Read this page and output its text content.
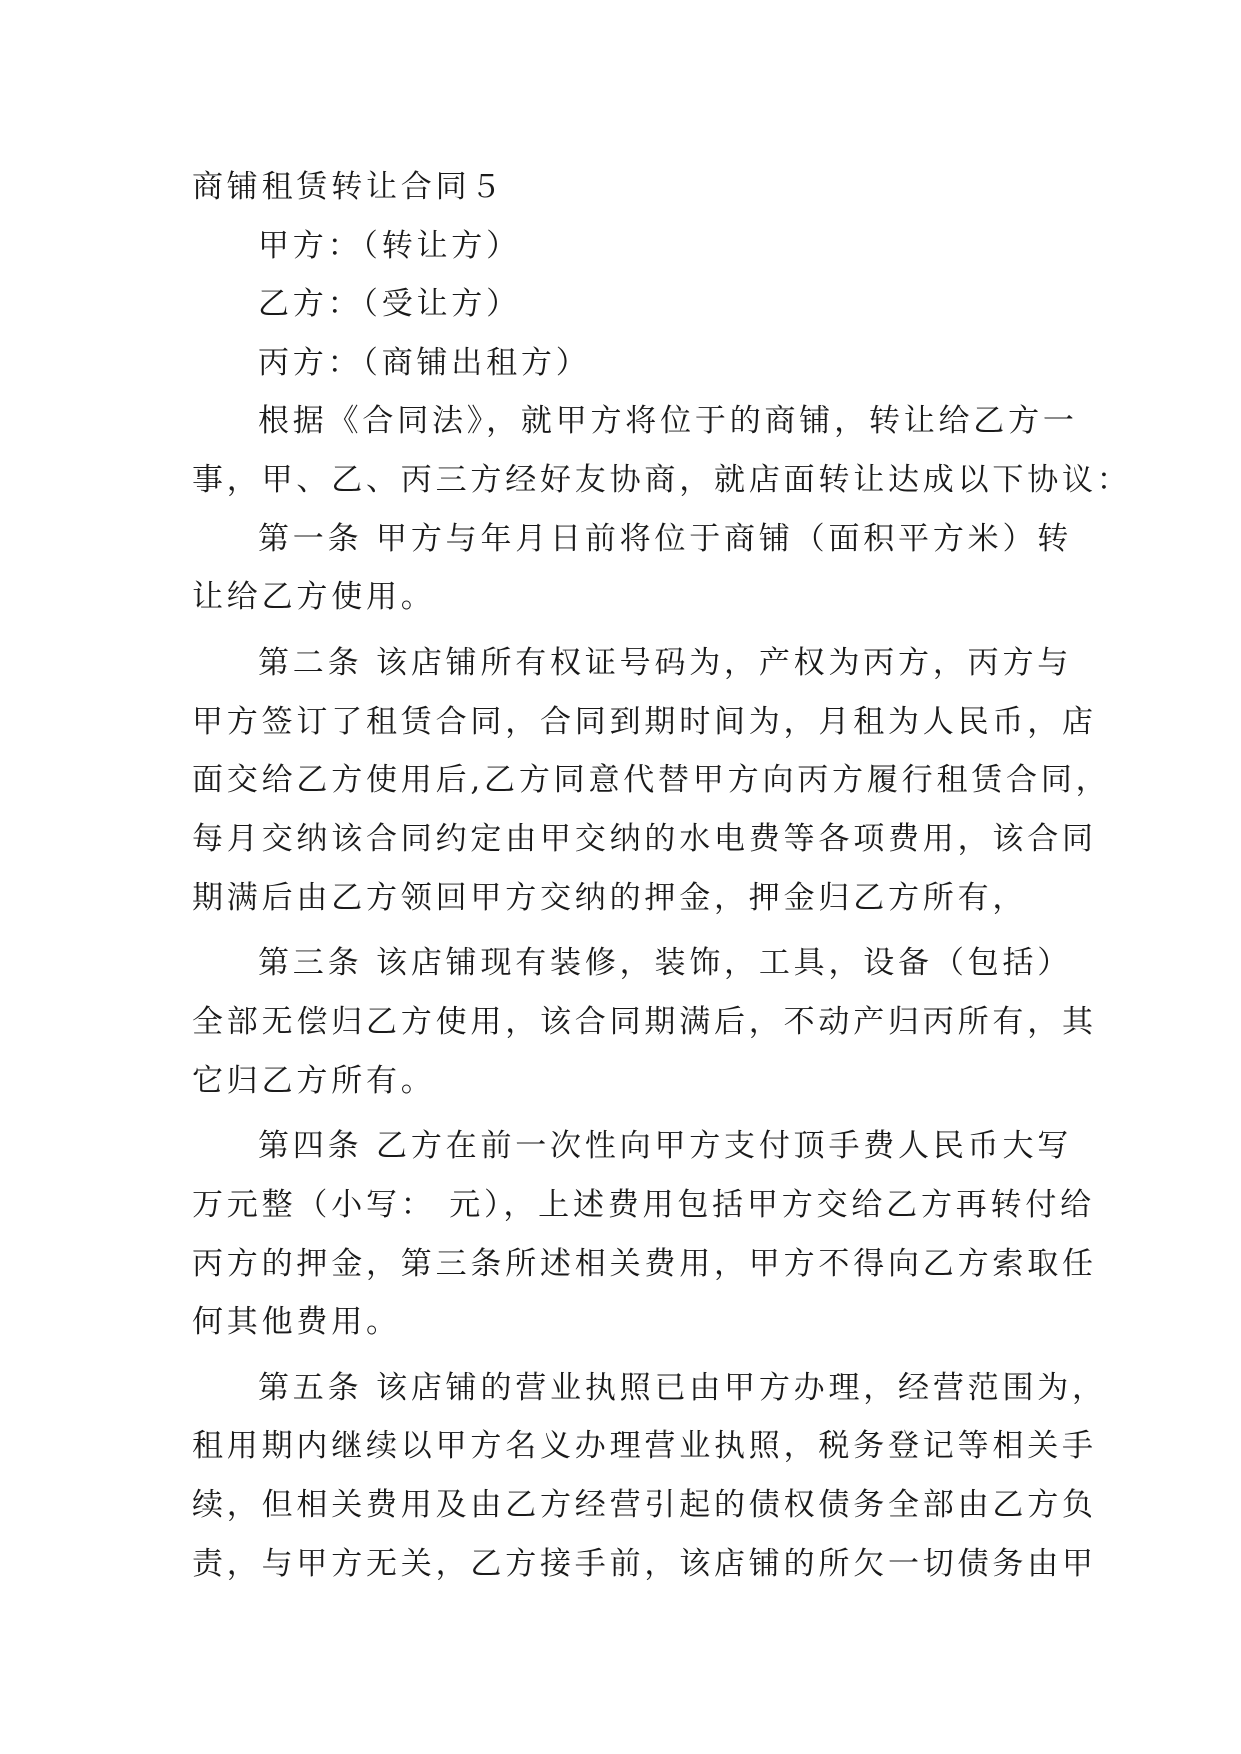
商铺租赁转让合同５
甲方：（转让方）
乙方：（受让方）
丙方：（商铺出租方）
根据《合同法》，就甲方将位于的商铺，转让给乙方一
事，甲、乙、丙三方经好友协商，就店面转让达成以下协议：
第一条 甲方与年月日前将位于商铺（面积平方米）转
让给乙方使用。
第二条 该店铺所有权证号码为，产权为丙方，丙方与
甲方签订了租赁合同，合同到期时间为，月租为人民币，店
面交给乙方使用后,乙方同意代替甲方向丙方履行租赁合同，
每月交纳该合同约定由甲交纳的水电费等各项费用，该合同
期满后由乙方领回甲方交纳的押金，押金归乙方所有，
第三条 该店铺现有装修，装饰，工具，设备（包括）
全部无偿归乙方使用，该合同期满后，不动产归丙所有，其
它归乙方所有。
第四条 乙方在前一次性向甲方支付顶手费人民币大写
万元整（小写： 元），上述费用包括甲方交给乙方再转付给
丙方的押金，第三条所述相关费用，甲方不得向乙方索取任
何其他费用。
第五条 该店铺的营业执照已由甲方办理，经营范围为，
租用期内继续以甲方名义办理营业执照，税务登记等相关手
续，但相关费用及由乙方经营引起的债权债务全部由乙方负
责，与甲方无关，乙方接手前，该店铺的所欠一切债务由甲
